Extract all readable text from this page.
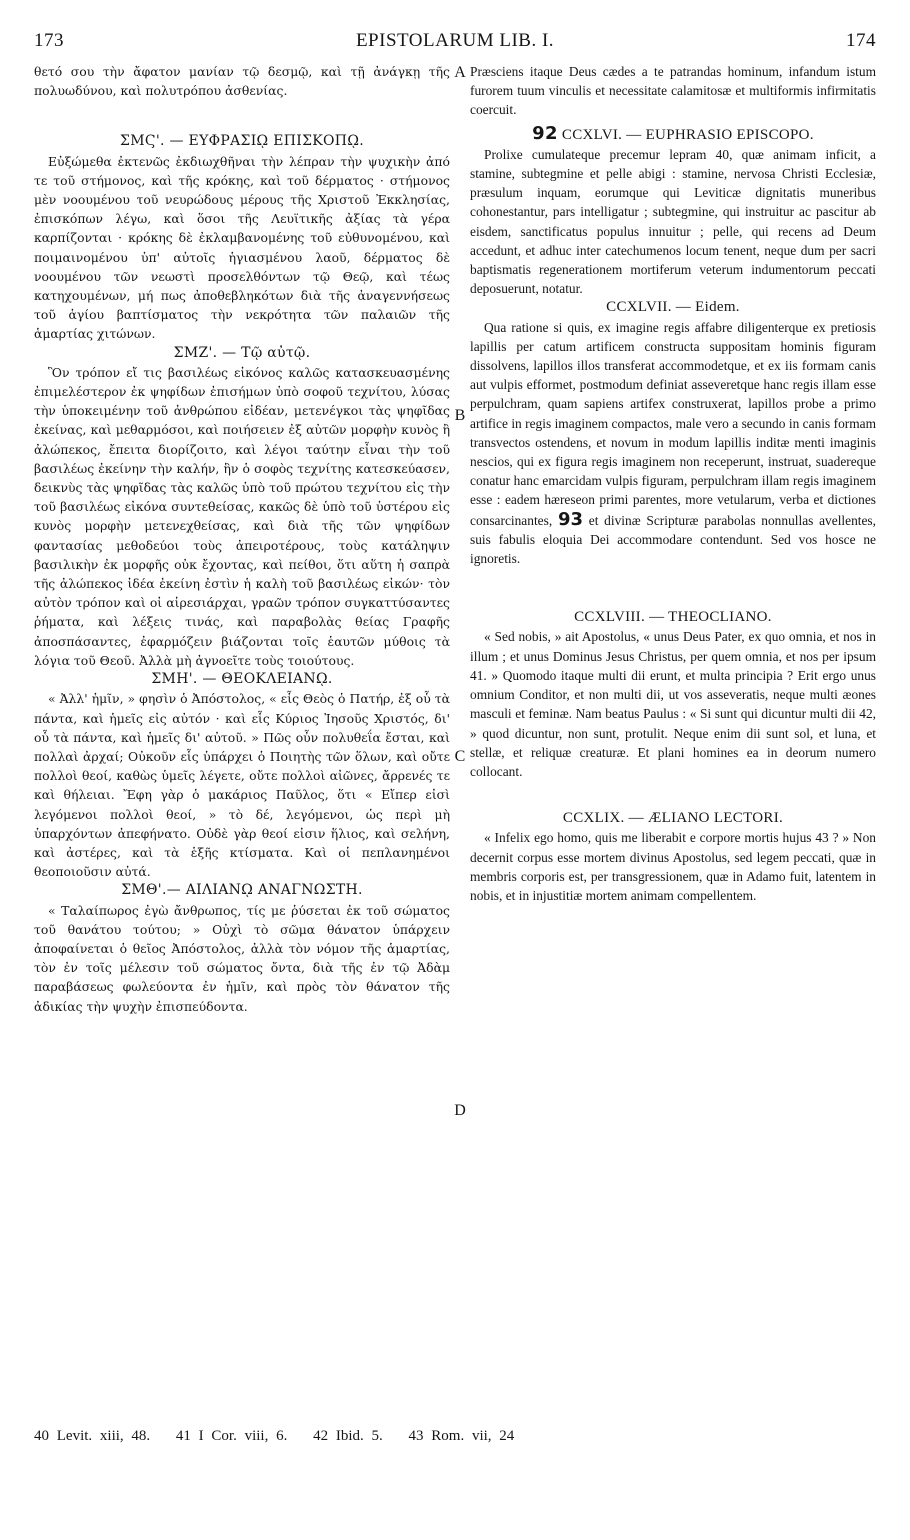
173	EPISTOLARUM LIB. I.	174
A
B
C
D

θετό σου τὴν ἄφατον μανίαν τῷ δεσμῷ, καὶ τῇ ἀνάγκῃ τῆς πολυωδύνου, καὶ πολυτρόπου ἀσθενίας.

ΣΜϚ'. — ΕΥΦΡΑΣΙῼ ΕΠΙΣΚΟΠῼ.

Εὐξώμεθα ἐκτενῶς ἐκδιωχθῆναι τὴν λέπραν τὴν ψυχικὴν ἀπό τε τοῦ στήμονος, καὶ τῆς κρόκης, καὶ τοῦ δέρματος · στήμονος μὲν νοουμένου τοῦ νευρώδους μέρους τῆς Χριστοῦ Ἐκκλησίας, ἐπισκόπων λέγω, καὶ ὅσοι τῆς Λευϊτικῆς ἀξίας τὰ γέρα καρπίζονται · κρόκης δὲ ἐκλαμβανομένης τοῦ εὐθυνομένου, καὶ ποιμαινομένου ὑπ' αὐτοῖς ἡγιασμένου λαοῦ, δέρματος δὲ νοουμένου τῶν νεωστὶ προσελθόντων τῷ Θεῷ, καὶ τέως κατηχουμένων, μή πως ἀποθεβληκότων διὰ τῆς ἀναγεννήσεως τοῦ ἁγίου βαπτίσματος τὴν νεκρότητα τῶν παλαιῶν τῆς ἁμαρτίας χιτώνων.

ΣΜΖ'. — Τῷ αὐτῷ.

Ὃν τρόπον εἴ τις βασιλέως εἰκόνος καλῶς κατασκευασμένης ἐπιμελέστερον ἐκ ψηφίδων ἐπισήμων ὑπὸ σοφοῦ τεχνίτου, λύσας τὴν ὑποκειμένην τοῦ ἀνθρώπου εἰδέαν, μετενέγκοι τὰς ψηφῖδας ἐκείνας, καὶ μεθαρμόσοι, καὶ ποιήσειεν ἐξ αὐτῶν μορφὴν κυνὸς ἢ ἀλώπεκος, ἔπειτα διορίζοιτο, καὶ λέγοι ταύτην εἶναι τὴν τοῦ βασιλέως ἐκείνην τὴν καλήν, ἣν ὁ σοφὸς τεχνίτης κατεσκεύασεν, δεικνὺς τὰς ψηφῖδας τὰς καλῶς ὑπὸ τοῦ πρώτου τεχνίτου εἰς τὴν τοῦ βασιλέως εἰκόνα συντεθείσας, κακῶς δὲ ὑπὸ τοῦ ὑστέρου εἰς κυνὸς μορφὴν μετενεχθείσας, καὶ διὰ τῆς τῶν ψηφίδων φαντασίας μεθοδεύοι τοὺς ἀπειροτέρους, τοὺς κατάληψιν βασιλικὴν ἐκ μορφῆς οὐκ ἔχοντας, καὶ πείθοι, ὅτι αὕτη ἡ σαπρὰ τῆς ἀλώπεκος ἰδέα ἐκείνη ἐστὶν ἡ καλὴ τοῦ βασιλέως εἰκών· τὸν αὐτὸν τρόπον καὶ οἱ αἱρεσιάρχαι, γραῶν τρόπον συγκαττύσαντες ῥήματα, καὶ λέξεις τινάς, καὶ παραβολὰς θείας Γραφῆς ἀποσπάσαντες, ἐφαρμόζειν βιάζονται τοῖς ἑαυτῶν μύθοις τὰ λόγια τοῦ Θεοῦ. Ἀλλὰ μὴ ἀγνοεῖτε τοὺς τοιούτους.

ΣΜΗ'. — ΘΕΟΚΛΕΙΑΝῼ.

« Ἀλλ' ἡμῖν, » φησὶν ὁ Ἀπόστολος, « εἷς Θεὸς ὁ Πατήρ, ἐξ οὗ τὰ πάντα, καὶ ἡμεῖς εἰς αὐτόν · καὶ εἷς Κύριος Ἰησοῦς Χριστός, δι' οὗ τὰ πάντα, καὶ ἡμεῖς δι' αὐτοῦ. » Πῶς οὖν πολυθεΐα ἔσται, καὶ πολλαὶ ἀρχαί; Οὐκοῦν εἷς ὑπάρχει ὁ Ποιητὴς τῶν ὅλων, καὶ οὔτε πολλοὶ θεοί, καθὼς ὑμεῖς λέγετε, οὔτε πολλοὶ αἰῶνες, ἄρρενές τε καὶ θήλειαι. Ἔφη γὰρ ὁ μακάριος Παῦλος, ὅτι « Εἴπερ εἰσὶ λεγόμενοι πολλοὶ θεοί, » τὸ δέ, λεγόμενοι, ὡς περὶ μὴ ὑπαρχόντων ἀπεφήνατο. Οὐδὲ γὰρ θεοί εἰσιν ἥλιος, καὶ σελήνη, καὶ ἀστέρες, καὶ τὰ ἑξῆς κτίσματα. Καὶ οἱ πεπλανημένοι θεοποιοῦσιν αὐτά.

ΣΜΘ'.— ΑΙΛΙΑΝῼ ΑΝΑΓΝΩΣΤΗ.

« Ταλαίπωρος ἐγὼ ἄνθρωπος, τίς με ῥύσεται ἐκ τοῦ σώματος τοῦ θανάτου τούτου; » Οὐχὶ τὸ σῶμα θάνατον ὑπάρχειν ἀποφαίνεται ὁ θεῖος Ἀπόστολος, ἀλλὰ τὸν νόμον τῆς ἁμαρτίας, τὸν ἐν τοῖς μέλεσιν τοῦ σώματος ὄντα, διὰ τῆς ἐν τῷ Ἀδὰμ παραβάσεως φωλεύοντα ἐν ἡμῖν, καὶ πρὸς τὸν θάνατον τῆς ἀδικίας τὴν ψυχὴν ἐπισπεύδοντα.

Præsciens itaque Deus cædes a te patrandas hominum, infandum istum furorem tuum vinculis et necessitate calamitosæ et multiformis infirmitatis coercuit.

92 CCXLVI. — EUPHRASIO EPISCOPO.

Prolixe cumulateque precemur lepram 40, quæ animam inficit, a stamine, subtegmine et pelle abigi : stamine, nervosa Christi Ecclesiæ, præsulum inquam, eorumque qui Leviticæ dignitatis muneribus cohonestantur, pars intelligatur ; subtegmine, qui instruitur ac pascitur ab eisdem, sanctificatus populus innuitur ; pelle, qui recens ad Deum accedunt, et adhuc inter catechumenos locum tenent, neque dum per sacri baptismatis regenerationem mortiferum veterum indumentorum peccati deposuerunt, notatur.

CCXLVII. — Eidem.

Qua ratione si quis, ex imagine regis affabre diligenterque ex pretiosis lapillis per catum artificem constructa suppositam hominis figuram dissolvens, lapillos illos transferat accommodetque, et ex iis formam canis aut vulpis efformet, postmodum definiat asseveretque hanc regis illam esse perpulchram, quam sapiens artifex construxerat, lapillos probe a primo artifice in regis imaginem compactos, male vero a secundo in canis formam transvectos ostendens, et novum in modum lapillis inditæ menti imaginis nescios, qui ex figura regis imaginem non receperunt, instruat, suadereque conatur hanc emarcidam vulpis figuram, perpulchram illam regis imaginem esse : eadem hæreseon primi parentes, more vetularum, verba et dictiones consarcinantes, 93 et divinæ Scripturæ parabolas nonnullas avellentes, suis fabulis eloquia Dei accommodare contendunt. Sed vos hosce ne ignoretis.

CCXLVIII. — THEOCLIANO.

« Sed nobis, » ait Apostolus, « unus Deus Pater, ex quo omnia, et nos in illum ; et unus Dominus Jesus Christus, per quem omnia, et nos per ipsum 41. » Quomodo itaque multi dii erunt, et multa principia ? Erit ergo unus omnium Conditor, et non multi dii, ut vos asseveratis, neque multi æones masculi et feminæ. Nam beatus Paulus : « Si sunt qui dicuntur multi dii 42, » quod dicuntur, non sunt, protulit. Neque enim dii sunt sol, et luna, et stellæ, et reliquæ creaturæ. Et plani homines ea in deorum numero collocant.

CCXLIX. — ÆLIANO LECTORI.

« Infelix ego homo, quis me liberabit e corpore mortis hujus 43 ? » Non decernit corpus esse mortem divinus Apostolus, sed legem peccati, quæ in membris corporis est, per transgressionem, quæ in Adamo fuit, latentem in nobis, et in injustitiæ mortem animam compellentem.

40 Levit. xiii, 48. 41 I Cor. viii, 6. 42 Ibid. 5. 43 Rom. vii, 24
